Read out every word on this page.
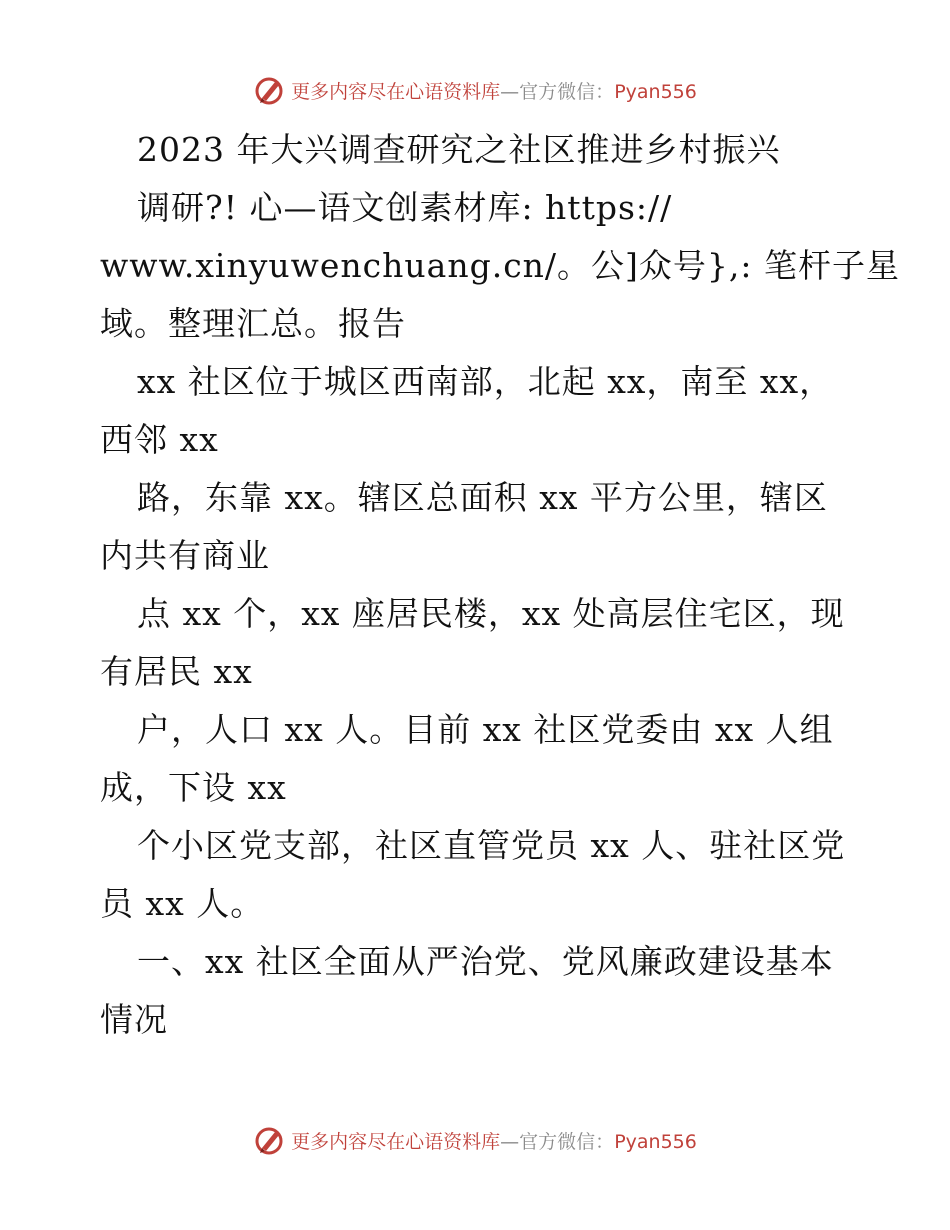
更多内容尽在心语资料库—官方微信：Pyan556
2023 年大兴调查研究之社区推进乡村振兴
调研?! 心—语文创素材库: https://
www.xinyuwenchuang.cn/。公]众号},: 笔杆子星
域。整理汇总。报告
xx 社区位于城区西南部，北起 xx，南至 xx，
西邻 xx
路，东靠 xx。辖区总面积 xx 平方公里，辖区
内共有商业
点 xx 个，xx 座居民楼，xx 处高层住宅区，现
有居民 xx
户，人口 xx 人。目前 xx 社区党委由 xx 人组
成，下设 xx
个小区党支部，社区直管党员 xx 人、驻社区党
员 xx 人。
一、xx 社区全面从严治党、党风廉政建设基本
情况
更多内容尽在心语资料库—官方微信：Pyan556
